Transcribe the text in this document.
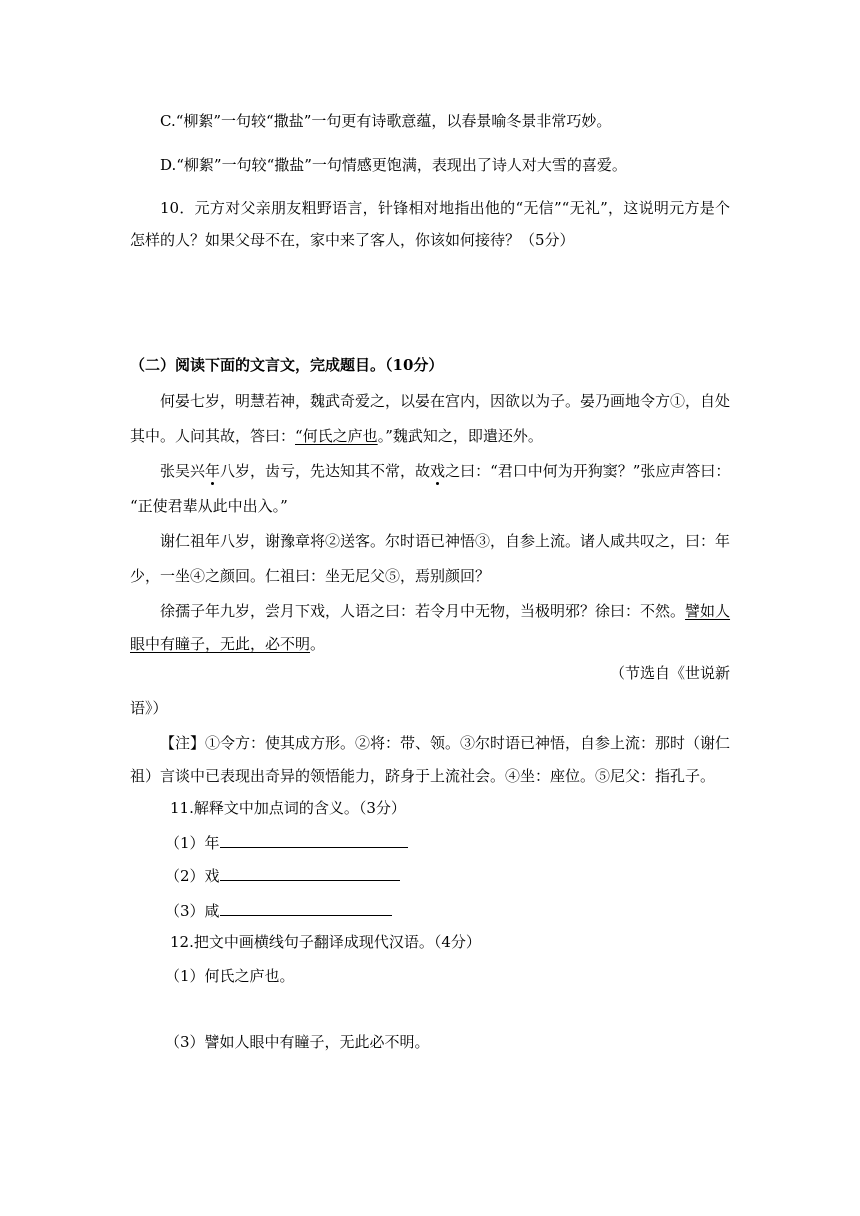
C.“柳絮”一句较“撒盐”一句更有诗歌意蕴，以春景喻冬景非常巧妙。
D.“柳絮”一句较“撒盐”一句情感更饱满，表现出了诗人对大雪的喜爱。
10．元方对父亲朋友粗野语言，针锋相对地指出他的“无信”“无礼”，这说明元方是个
怎样的人？如果父母不在，家中来了客人，你该如何接待？（5分）
（二）阅读下面的文言文，完成题目。（10分）
何晏七岁，明慧若神，魏武奇爱之，以晏在宫内，因欲以为子。晏乃画地令方①，自处
其中。人问其故，答曰：“何氏之庐也。”魏武知之，即遣还外。
张吴兴年八岁，齿亏，先达知其不常，故戏之曰：“君口中何为开狗窦？”张应声答曰：
“正使君辈从此中出入。”
谢仁祖年八岁，谢豫章将②送客。尔时语已神悟③，自参上流。诸人咸共叹之，曰：年
少，一坐④之颜回。仁祖曰：坐无尼父⑤，焉别颜回？
徐孺子年九岁，尝月下戏，人语之曰：若令月中无物，当极明邪？徐曰：不然。譬如人
眼中有瞳子，无此，必不明。
（节选自《世说新
语》）
【注】①令方：使其成方形。②将：带、领。③尔时语已神悟，自参上流：那时（谢仁
祖）言谈中已表现出奇异的领悟能力，跻身于上流社会。④坐：座位。⑤尼父：指孔子。
11.解释文中加点词的含义。（3分）
（1）年
（2）戏
（3）咸
12.把文中画横线句子翻译成现代汉语。（4分）
（1）何氏之庐也。
（3）譬如人眼中有瞳子，无此必不明。
